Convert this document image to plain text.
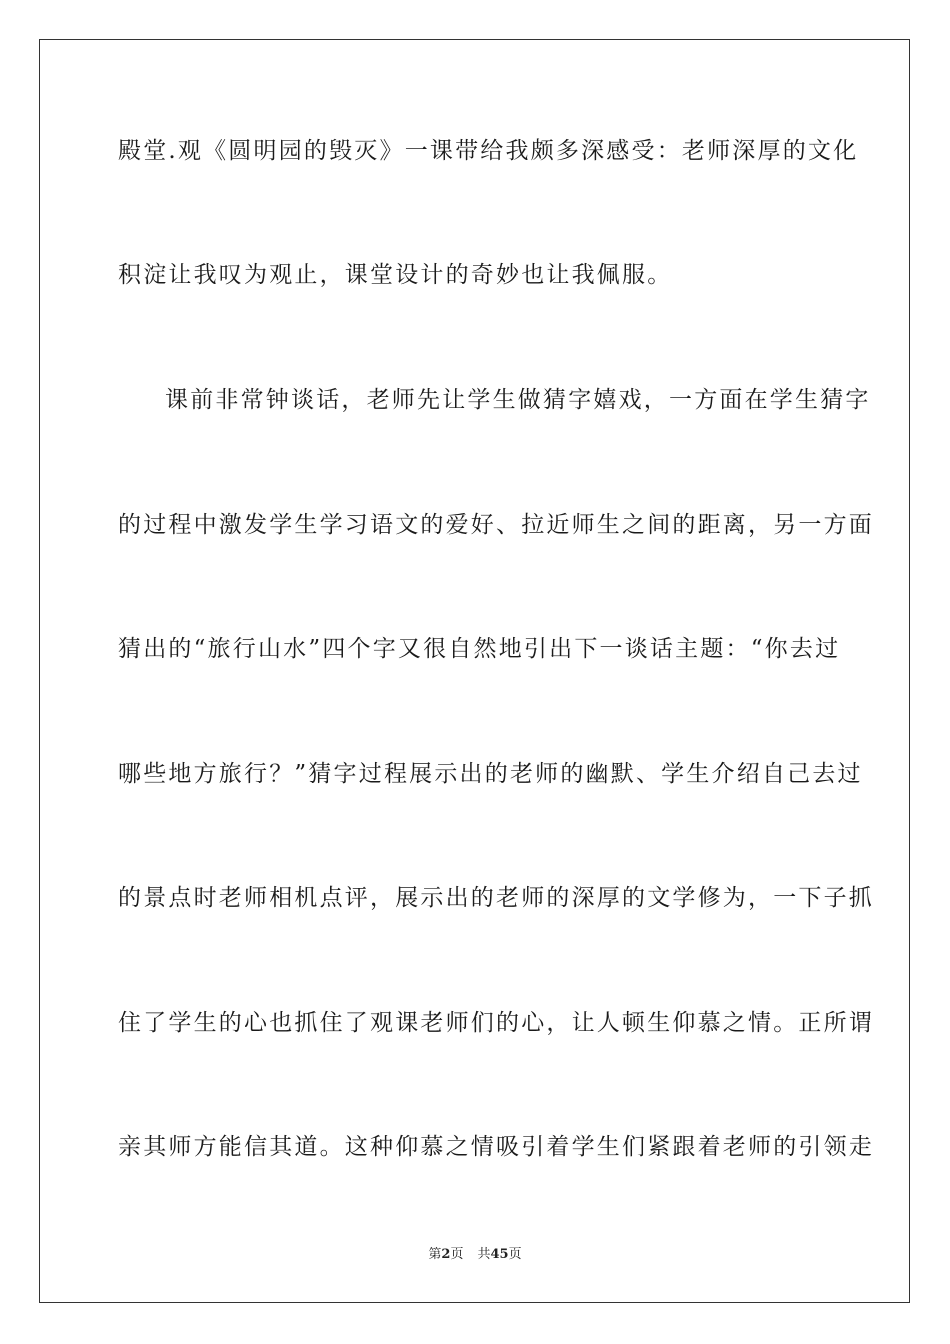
殿堂.观《圆明园的毁灭》一课带给我颇多深感受：老师深厚的文化
积淀让我叹为观止，课堂设计的奇妙也让我佩服。
课前非常钟谈话，老师先让学生做猜字嬉戏，一方面在学生猜字
的过程中激发学生学习语文的爱好、拉近师生之间的距离，另一方面
猜出的“旅行山水”四个字又很自然地引出下一谈话主题：“你去过
哪些地方旅行？”猜字过程展示出的老师的幽默、学生介绍自己去过
的景点时老师相机点评，展示出的老师的深厚的文学修为，一下子抓
住了学生的心也抓住了观课老师们的心，让人顿生仰慕之情。正所谓
亲其师方能信其道。这种仰慕之情吸引着学生们紧跟着老师的引领走
第2页 共45页
